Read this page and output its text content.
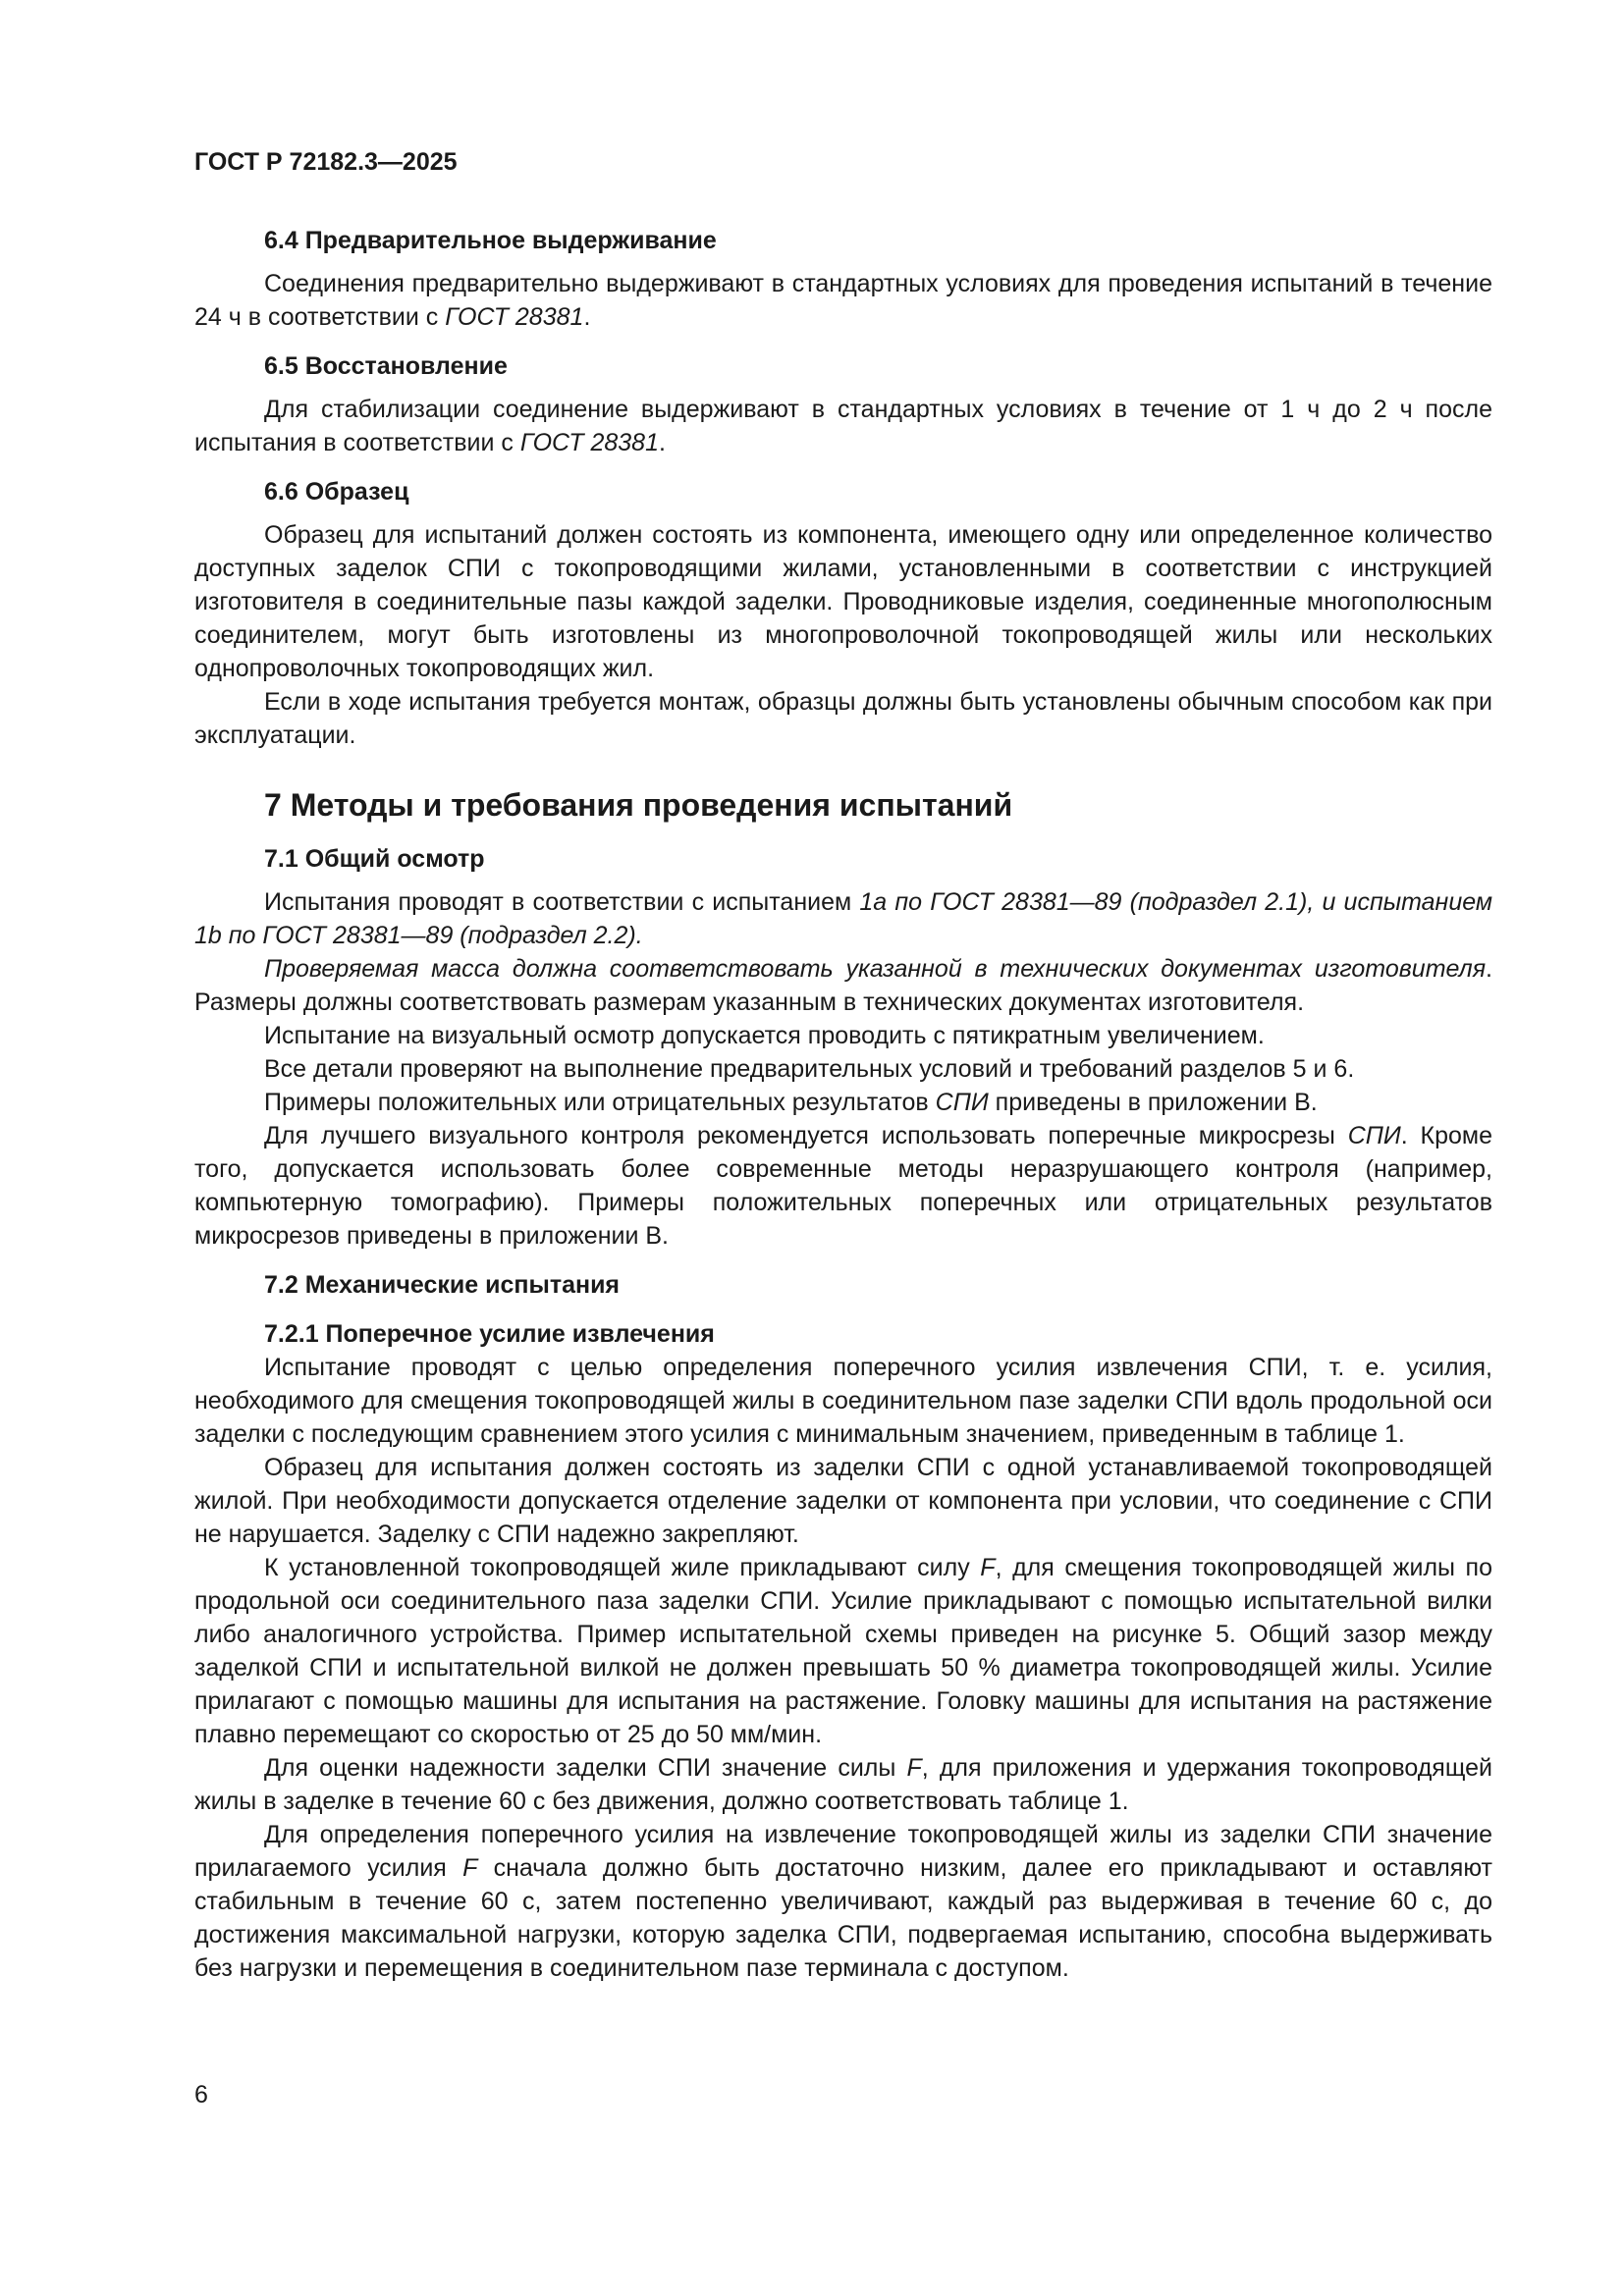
ГОСТ Р 72182.3—2025
6.4 Предварительное выдерживание

Соединения предварительно выдерживают в стандартных условиях для проведения испытаний в течение 24 ч в соответствии с ГОСТ 28381.

6.5 Восстановление

Для стабилизации соединение выдерживают в стандартных условиях в течение от 1 ч до 2 ч после испытания в соответствии с ГОСТ 28381.

6.6 Образец

Образец для испытаний должен состоять из компонента, имеющего одну или определенное количество доступных заделок СПИ с токопроводящими жилами, установленными в соответствии с инструкцией изготовителя в соединительные пазы каждой заделки. Проводниковые изделия, соединенные многополюсным соединителем, могут быть изготовлены из многопроволочной токопроводящей жилы или нескольких однопроволочных токопроводящих жил.

Если в ходе испытания требуется монтаж, образцы должны быть установлены обычным способом как при эксплуатации.

7 Методы и требования проведения испытаний
7.1 Общий осмотр

Испытания проводят в соответствии с испытанием 1a по ГОСТ 28381—89 (подраздел 2.1), и испытанием 1b по ГОСТ 28381—89 (подраздел 2.2).

Проверяемая масса должна соответствовать указанной в технических документах изготовителя. Размеры должны соответствовать размерам указанным в технических документах изготовителя.

Испытание на визуальный осмотр допускается проводить с пятикратным увеличением.

Все детали проверяют на выполнение предварительных условий и требований разделов 5 и 6.

Примеры положительных или отрицательных результатов СПИ приведены в приложении В.

Для лучшего визуального контроля рекомендуется использовать поперечные микросрезы СПИ. Кроме того, допускается использовать более современные методы неразрушающего контроля (например, компьютерную томографию). Примеры положительных поперечных или отрицательных результатов микросрезов приведены в приложении В.

7.2 Механические испытания
7.2.1 Поперечное усилие извлечения

Испытание проводят с целью определения поперечного усилия извлечения СПИ, т. е. усилия, необходимого для смещения токопроводящей жилы в соединительном пазе заделки СПИ вдоль продольной оси заделки с последующим сравнением этого усилия с минимальным значением, приведенным в таблице 1.

Образец для испытания должен состоять из заделки СПИ с одной устанавливаемой токопроводящей жилой. При необходимости допускается отделение заделки от компонента при условии, что соединение с СПИ не нарушается. Заделку с СПИ надежно закрепляют.

К установленной токопроводящей жиле прикладывают силу F, для смещения токопроводящей жилы по продольной оси соединительного паза заделки СПИ. Усилие прикладывают с помощью испытательной вилки либо аналогичного устройства. Пример испытательной схемы приведен на рисунке 5. Общий зазор между заделкой СПИ и испытательной вилкой не должен превышать 50 % диаметра токопроводящей жилы. Усилие прилагают с помощью машины для испытания на растяжение. Головку машины для испытания на растяжение плавно перемещают со скоростью от 25 до 50 мм/мин.

Для оценки надежности заделки СПИ значение силы F, для приложения и удержания токопроводящей жилы в заделке в течение 60 с без движения, должно соответствовать таблице 1.

Для определения поперечного усилия на извлечение токопроводящей жилы из заделки СПИ значение прилагаемого усилия F сначала должно быть достаточно низким, далее его прикладывают и оставляют стабильным в течение 60 с, затем постепенно увеличивают, каждый раз выдерживая в течение 60 с, до достижения максимальной нагрузки, которую заделка СПИ, подвергаемая испытанию, способна выдерживать без нагрузки и перемещения в соединительном пазе терминала с доступом.

6
